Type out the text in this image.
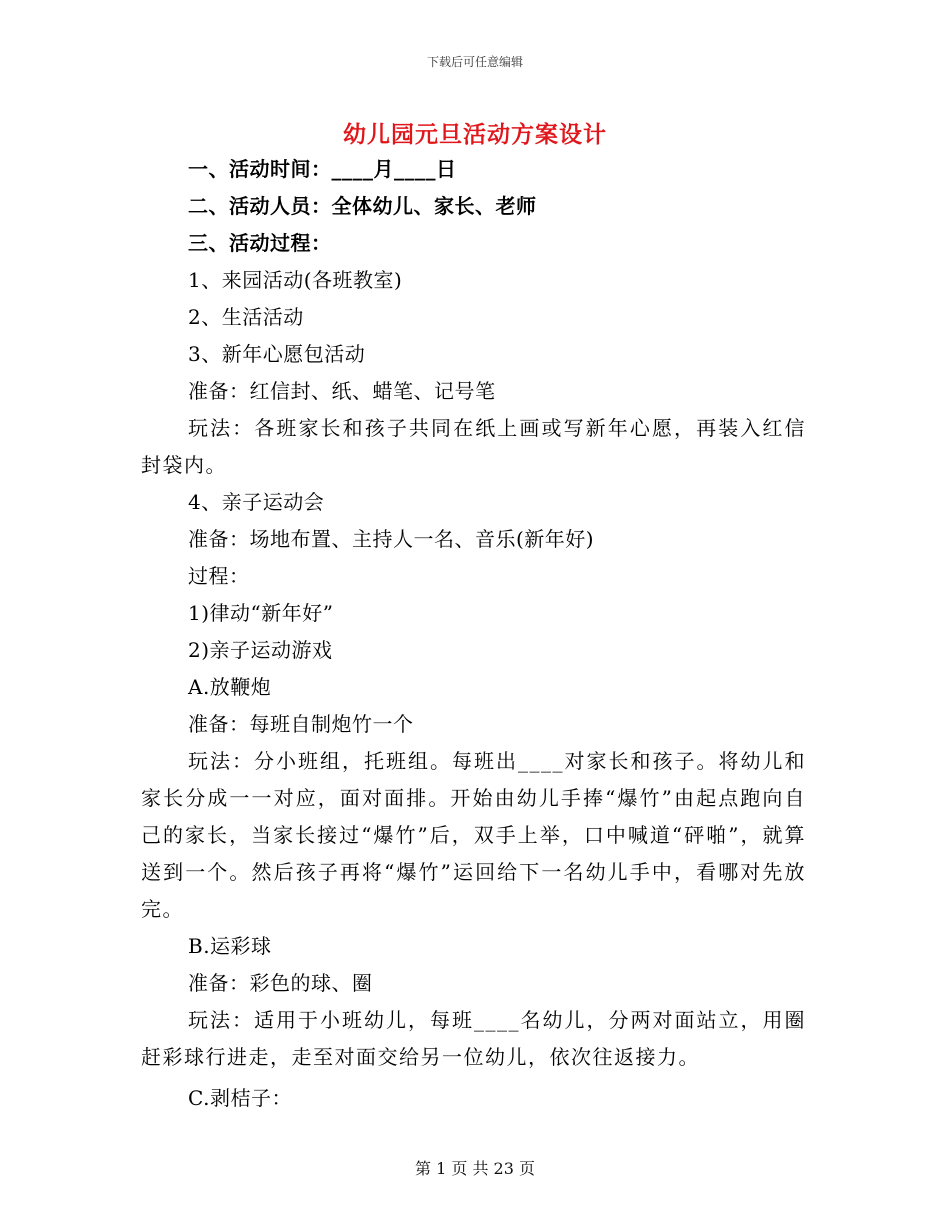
下载后可任意编辑
幼儿园元旦活动方案设计
一、活动时间：____月____日
二、活动人员：全体幼儿、家长、老师
三、活动过程：
1、来园活动(各班教室)
2、生活活动
3、新年心愿包活动
准备：红信封、纸、蜡笔、记号笔
玩法：各班家长和孩子共同在纸上画或写新年心愿，再装入红信封袋内。
4、亲子运动会
准备：场地布置、主持人一名、音乐(新年好)
过程：
1)律动“新年好”
2)亲子运动游戏
A.放鞭炮
准备：每班自制炮竹一个
玩法：分小班组，托班组。每班出____对家长和孩子。将幼儿和家长分成一一对应，面对面排。开始由幼儿手捧“爆竹”由起点跑向自己的家长，当家长接过“爆竹”后，双手上举，口中喊道“砰啪”，就算送到一个。然后孩子再将“爆竹”运回给下一名幼儿手中，看哪对先放完。
B.运彩球
准备：彩色的球、圈
玩法：适用于小班幼儿，每班____名幼儿，分两对面站立，用圈赶彩球行进走，走至对面交给另一位幼儿，依次往返接力。
C.剥桔子：
第 1 页 共 23 页
